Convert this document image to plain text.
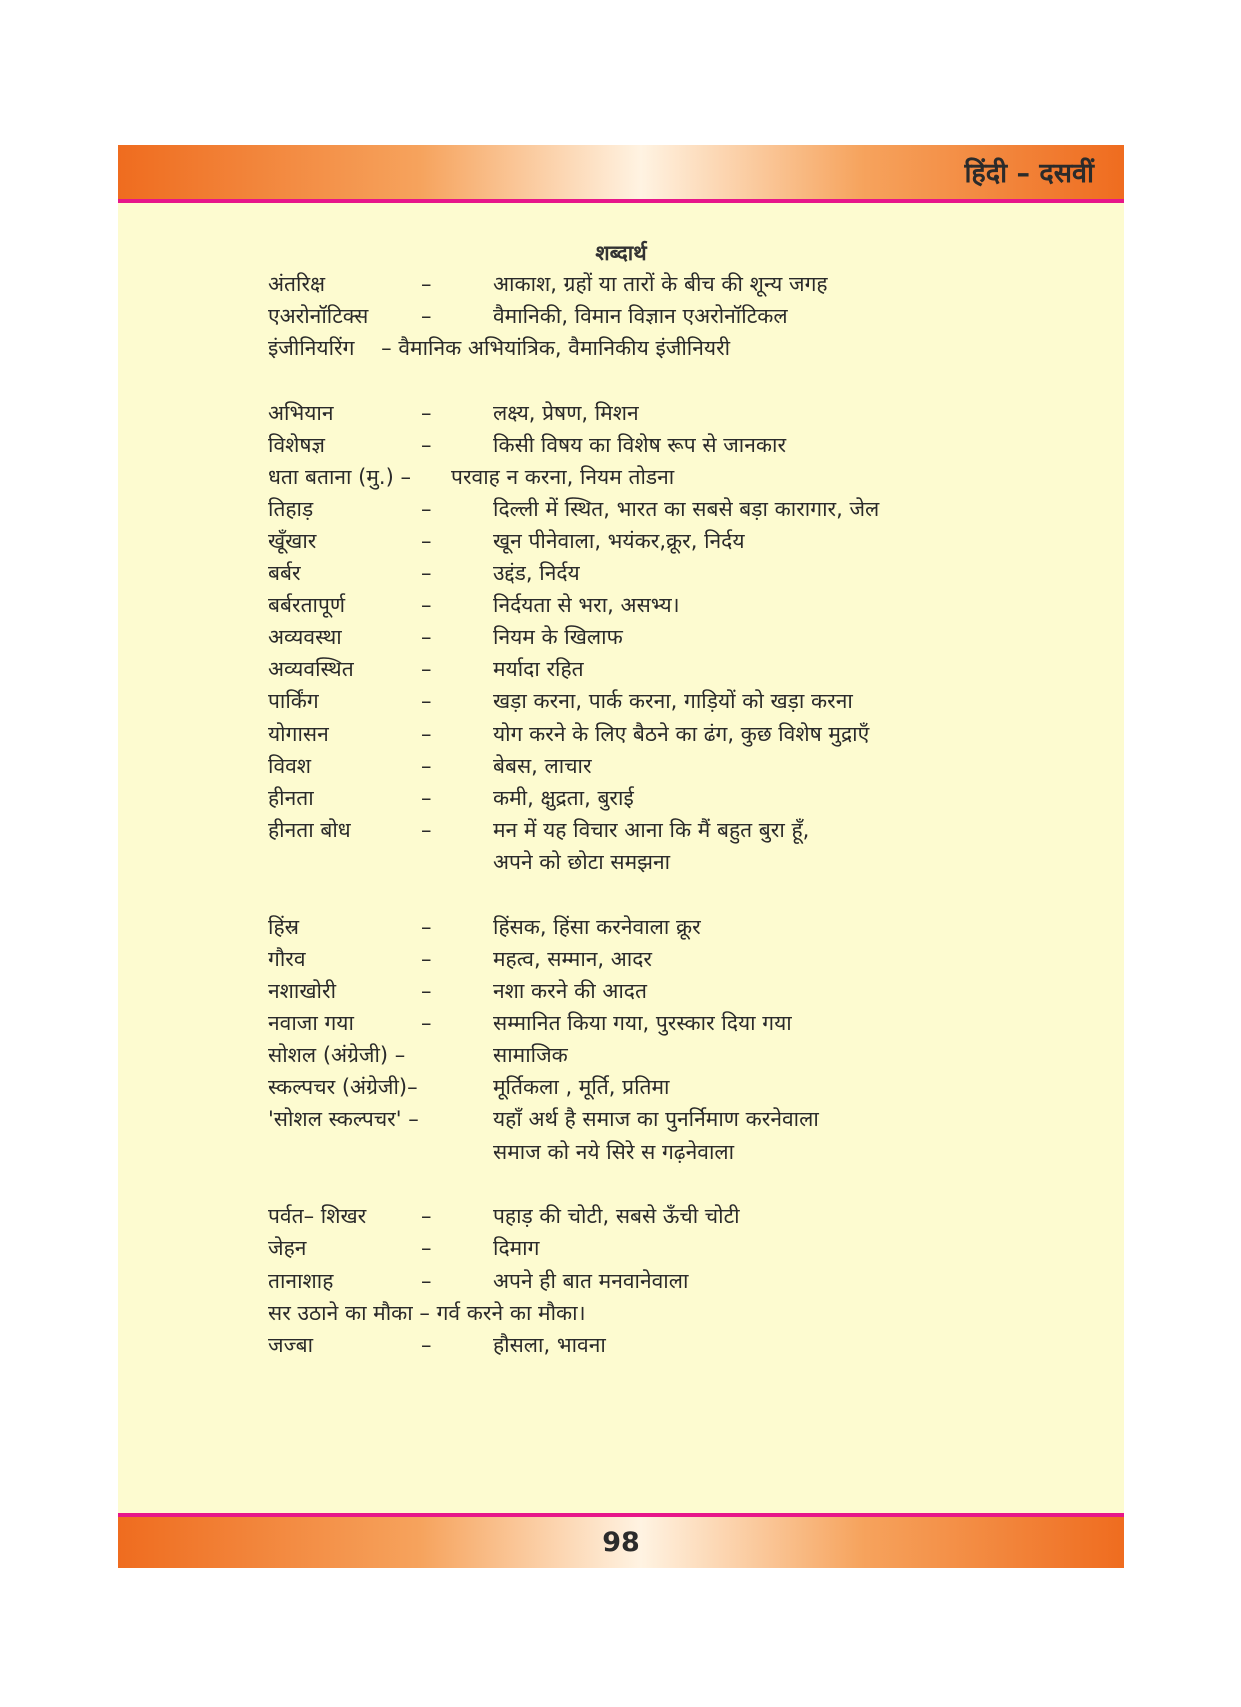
हिंदी – दसवीं
शब्दार्थ
अंतरिक्ष	–	आकाश, ग्रहों या तारों के बीच की शून्य जगह
एअरोनॉटिक्स	–	वैमानिकी, विमान विज्ञान एअरोनॉटिकल
इंजीनियरिंग    – वैमानिक अभियांत्रिक, वैमानिकीय इंजीनियरी
अभियान	–	लक्ष्य, प्रेषण, मिशन
विशेषज्ञ	–	किसी विषय का विशेष रूप से जानकार
धता बताना (मु.) –      परवाह न करना, नियम तोडना
तिहाड़	–	दिल्ली में स्थित, भारत का सबसे बड़ा कारागार, जेल
खूँखार	–	खून पीनेवाला, भयंकर,क्रूर, निर्दय
बर्बर	–	उद्दंड, निर्दय
बर्बरतापूर्ण	–	निर्दयता से भरा, असभ्य।
अव्यवस्था	–	नियम के खिलाफ
अव्यवस्थित	–	मर्यादा रहित
पार्किंग	–	खड़ा करना, पार्क करना, गाड़ियों को खड़ा करना
योगासन	–	योग करने के लिए बैठने का ढंग, कुछ विशेष मुद्राएँ
विवश	–	बेबस, लाचार
हीनता	–	कमी, क्षुद्रता, बुराई
हीनता बोध	–	मन में यह विचार आना कि मैं बहुत बुरा हूँ,
अपने को छोटा समझना
हिंस्र	–	हिंसक, हिंसा करनेवाला क्रूर
गौरव	–	महत्व, सम्मान, आदर
नशाखोरी	–	नशा करने की आदत
नवाजा गया	–	सम्मानित किया गया, पुरस्कार दिया गया
सोशल (अंग्रेजी) –	सामाजिक
स्कल्पचर (अंग्रेजी)–	मूर्तिकला , मूर्ति, प्रतिमा
'सोशल स्कल्पचर' –	यहाँ अर्थ है समाज का पुनर्निमाण करनेवाला
समाज को नये सिरे स गढ़नेवाला
पर्वत– शिखर	–	पहाड़ की चोटी, सबसे ऊँची चोटी
जेहन	–	दिमाग
तानाशाह	–	अपने ही बात मनवानेवाला
सर उठाने का मौका – गर्व करने का मौका।
जज्बा	–	हौसला, भावना
98
